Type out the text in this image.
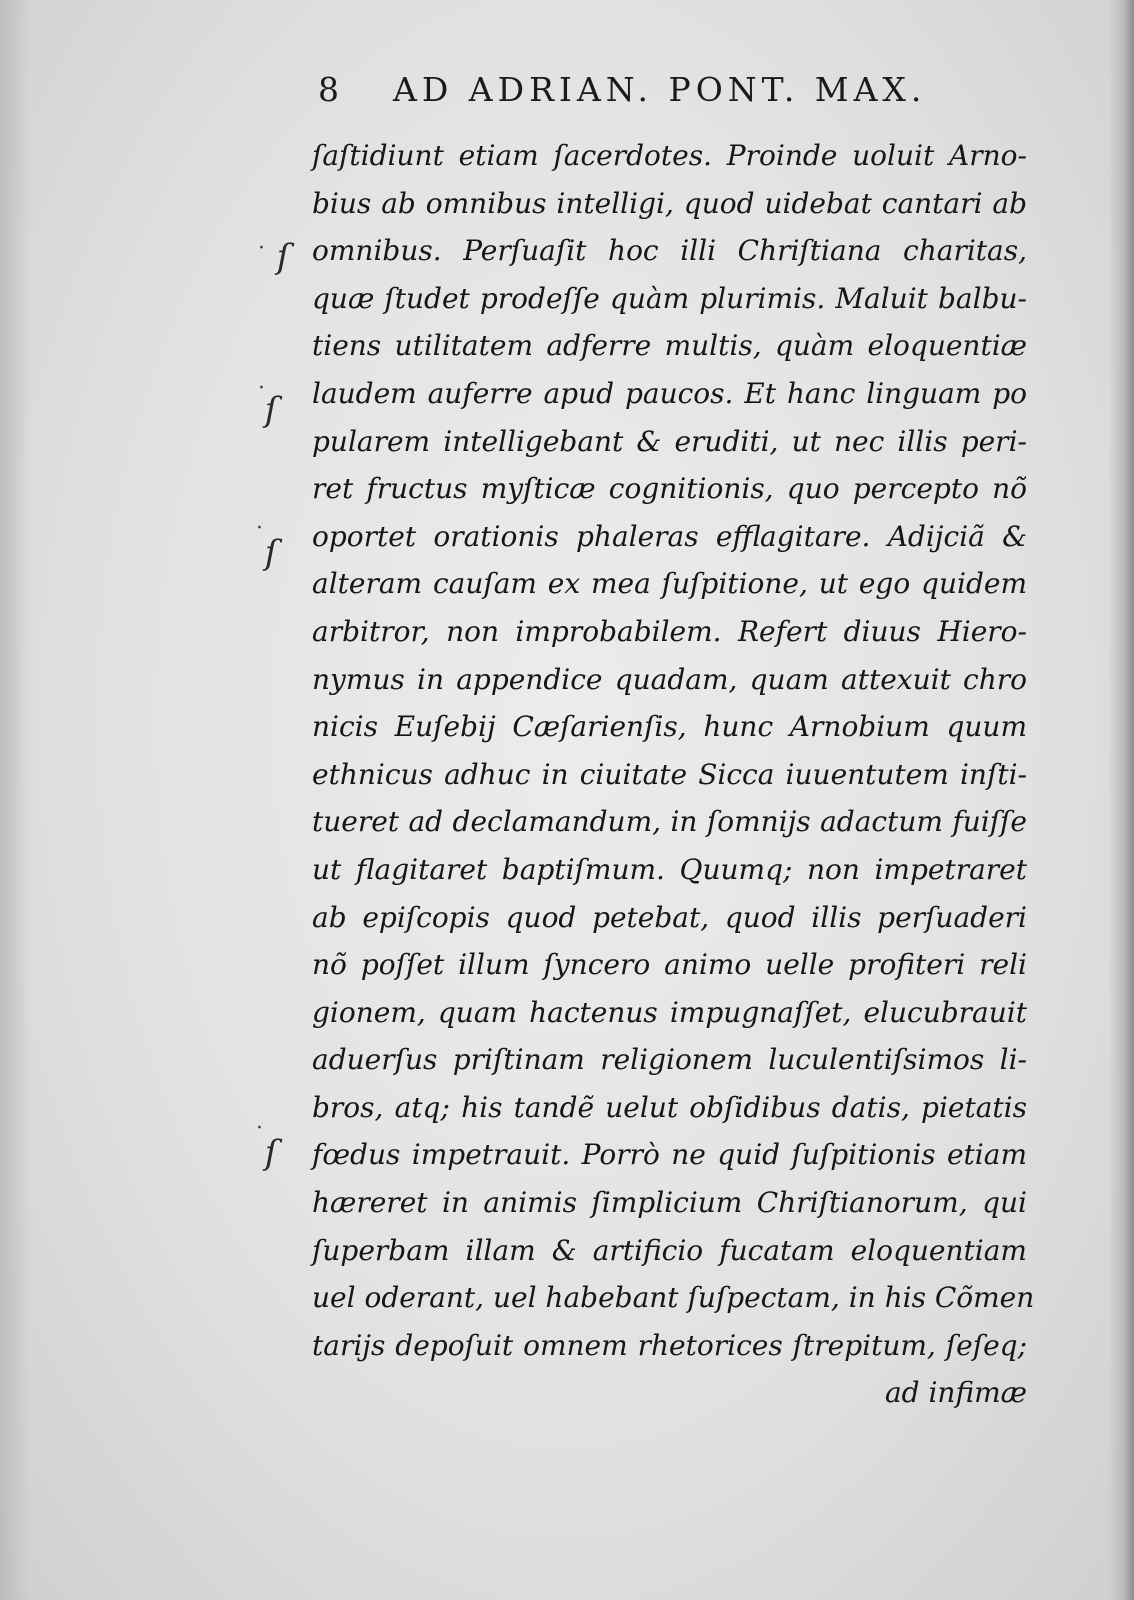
8 AD ADRIAN. PONT. MAX.
· ſ
·
ſ
·
ſ
·
ſ
ſaſtidiunt etiam ſacerdotes. Proinde uoluit Arno-
bius ab omnibus intelligi, quod uidebat cantari ab
omnibus. Perſuaſit hoc illi Chriſtiana charitas,
quæ ſtudet prodeſſe quàm plurimis. Maluit balbu-
tiens utilitatem adferre multis, quàm eloquentiæ
laudem auferre apud paucos. Et hanc linguam po
pularem intelligebant & eruditi, ut nec illis peri-
ret fructus myſticæ cognitionis, quo percepto nõ
oportet orationis phaleras efflagitare. Adijciã &
alteram cauſam ex mea ſuſpitione, ut ego quidem
arbitror, non improbabilem. Refert diuus Hiero-
nymus in appendice quadam, quam attexuit chro
nicis Euſebij Cæſarienſis, hunc Arnobium quum
ethnicus adhuc in ciuitate Sicca iuuentutem inſti-
tueret ad declamandum, in ſomnijs adactum fuiſſe
ut flagitaret baptiſmum. Quumq; non impetraret
ab epiſcopis quod petebat, quod illis perſuaderi
nõ poſſet illum ſyncero animo uelle profiteri reli
gionem, quam hactenus impugnaſſet, elucubrauit
aduerſus priſtinam religionem luculentiſsimos li-
bros, atq; his tandẽ uelut obſidibus datis, pietatis
fœdus impetrauit. Porrò ne quid ſuſpitionis etiam
hæreret in animis ſimplicium Chriſtianorum, qui
ſuperbam illam & artificio fucatam eloquentiam
uel oderant, uel habebant ſuſpectam, in his Cõmen
tarijs depoſuit omnem rhetorices ſtrepitum, ſeſeq;
ad infimæ
